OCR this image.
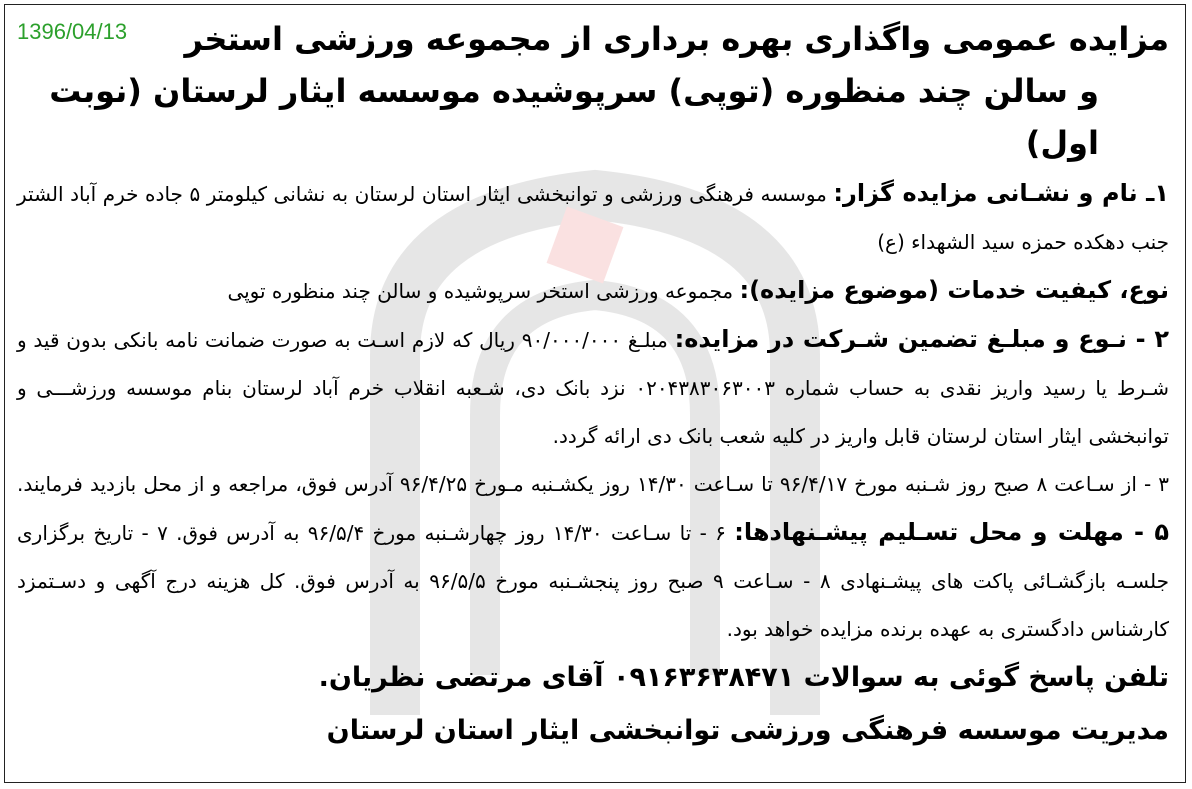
1396/04/13	مزایده عمومی واگذاری بهره برداری از مجموعه ورزشی استخر
و سالن چند منظوره (توپی) سرپوشیده موسسه ایثار لرستان (نوبت اول)

۱ـ نام و نشـانی مزایده گزار: موسسه فرهنگی ورزشی و توانبخشی ایثار استان لرستان به نشانی کیلومتر ۵ جاده خرم آباد الشتر جنب دهکده حمزه سید الشهداء (ع)

نوع، کیفیت خدمات (موضوع مزایده): مجموعه ورزشی استخر سرپوشیده و سالن چند منظوره توپی

۲ - نـوع و مبلـغ تضمین شـرکت در مزایده: مبلـغ ۹۰/۰۰۰/۰۰۰ ریال که لازم اسـت به صورت ضمانت نامه بانکی بدون قید و شـرط یا رسید واریز نقدی به حساب شماره ۰۲۰۴۳۸۳۰۶۳۰۰۳ نزد بانک دی، شـعبه انقلاب خرم آباد لرستان بنام موسسه ورزشـــی و توانبخشی ایثار استان لرستان قابل واریز در کلیه شعب بانک دی ارائه گردد.

۳ - از سـاعت ۸ صبح روز شـنبه مورخ ۹۶/۴/۱۷ تا سـاعت ۱۴/۳۰ روز یکشـنبه مـورخ ۹۶/۴/۲۵ آدرس فوق، مراجعه و از محل بازدید فرمایند. ۵ - مهلت و محل تسـلیم پیشـنهادها: ۶ - تا سـاعت ۱۴/۳۰ روز چهارشـنبه مورخ ۹۶/۵/۴ به آدرس فوق. ۷ - تاریخ برگزاری جلسـه بازگشـائی پاکت های پیشـنهادی ۸ - سـاعت ۹ صبح روز پنجشـنبه مورخ ۹۶/۵/۵ به آدرس فوق. کل هزینه درج آگهی و دسـتمزد کارشناس دادگستری به عهده برنده مزایده خواهد بود.

تلفن پاسخ گوئی به سوالات ۰۹۱۶۳۶۳۸۴۷۱ آقای مرتضی نظریان.

مدیریت موسسه فرهنگی ورزشی توانبخشی ایثار استان لرستان
